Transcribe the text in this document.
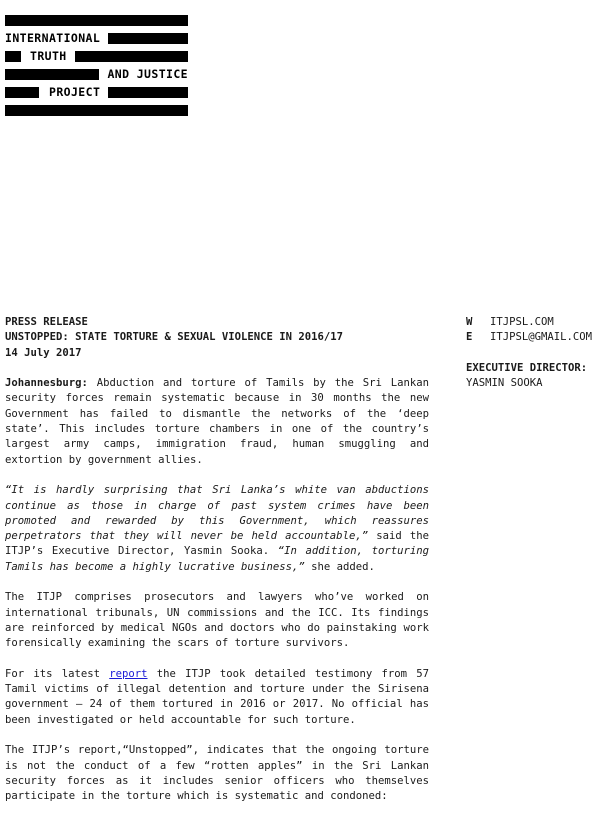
INTERNATIONAL
TRUTH
AND JUSTICE
PROJECT
PRESS RELEASE
UNSTOPPED: STATE TORTURE & SEXUAL VIOLENCE IN 2016/17
14 July 2017

Johannesburg: Abduction and torture of Tamils by the Sri Lankan security forces remain systematic because in 30 months the new Government has failed to dismantle the networks of the ‘deep state’. This includes torture chambers in one of the country’s largest army camps, immigration fraud, human smuggling and extortion by government allies.

“It is hardly surprising that Sri Lanka’s white van abductions continue as those in charge of past system crimes have been promoted and rewarded by this Government, which reassures perpetrators that they will never be held accountable,” said the ITJP’s Executive Director, Yasmin Sooka. “In addition, torturing Tamils has become a highly lucrative business,” she added.

The ITJP comprises prosecutors and lawyers who’ve worked on international tribunals, UN commissions and the ICC. Its findings are reinforced by medical NGOs and doctors who do painstaking work forensically examining the scars of torture survivors.

For its latest report the ITJP took detailed testimony from 57 Tamil victims of illegal detention and torture under the Sirisena government – 24 of them tortured in 2016 or 2017. No official has been investigated or held accountable for such torture.

The ITJP’s report,“Unstopped”, indicates that the ongoing torture is not the conduct of a few “rotten apples” in the Sri Lankan security forces as it includes senior officers who themselves participate in the torture which is systematic and condoned:

W	ITJPSL.COM
E	ITJPSL@GMAIL.COM
EXECUTIVE DIRECTOR:
YASMIN SOOKA
